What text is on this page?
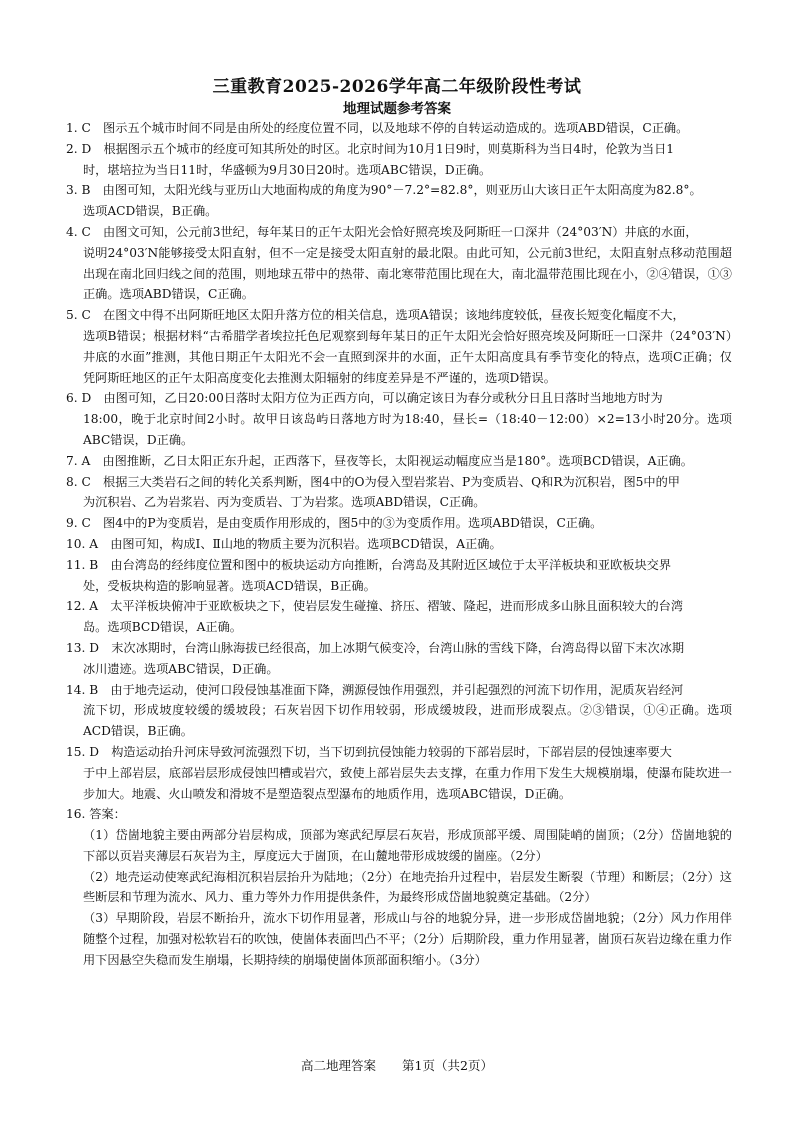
三重教育2025-2026学年高二年级阶段性考试
地理试题参考答案
1. C　图示五个城市时间不同是由所处的经度位置不同，以及地球不停的自转运动造成的。选项ABD错误，C正确。
2. D　根据图示五个城市的经度可知其所处的时区。北京时间为10月1日9时，则莫斯科为当日4时，伦敦为当日1
时，堪培拉为当日11时，华盛顿为9月30日20时。选项ABC错误，D正确。
3. B　由图可知，太阳光线与亚历山大地面构成的角度为90°－7.2°=82.8°，则亚历山大该日正午太阳高度为82.8°。
选项ACD错误，B正确。
4. C　由图文可知，公元前3世纪，每年某日的正午太阳光会恰好照亮埃及阿斯旺一口深井（24°03′N）井底的水面，
说明24°03′N能够接受太阳直射，但不一定是接受太阳直射的最北限。由此可知，公元前3世纪，太阳直射点移动范围超出现在南北回归线之间的范围，则地球五带中的热带、南北寒带范围比现在大，南北温带范围比现在小，②④错误，①③正确。选项ABD错误，C正确。
5. C　在图文中得不出阿斯旺地区太阳升落方位的相关信息，选项A错误；该地纬度较低，昼夜长短变化幅度不大，
选项B错误；根据材料“古希腊学者埃拉托色尼观察到每年某日的正午太阳光会恰好照亮埃及阿斯旺一口深井（24°03′N）井底的水面”推测，其他日期正午太阳光不会一直照到深井的水面，正午太阳高度具有季节变化的特点，选项C正确；仅凭阿斯旺地区的正午太阳高度变化去推测太阳辐射的纬度差异是不严谨的，选项D错误。
6. D　由图可知，乙日20:00日落时太阳方位为正西方向，可以确定该日为春分或秋分日且日落时当地地方时为
18:00，晚于北京时间2小时。故甲日该岛屿日落地方时为18:40，昼长=（18:40－12:00）×2=13小时20分。选项ABC错误，D正确。
7. A　由图推断，乙日太阳正东升起，正西落下，昼夜等长，太阳视运动幅度应当是180°。选项BCD错误，A正确。
8. C　根据三大类岩石之间的转化关系判断，图4中的O为侵入型岩浆岩、P为变质岩、Q和R为沉积岩，图5中的甲
为沉积岩、乙为岩浆岩、丙为变质岩、丁为岩浆。选项ABD错误，C正确。
9. C　图4中的P为变质岩，是由变质作用形成的，图5中的③为变质作用。选项ABD错误，C正确。
10. A　由图可知，构成Ⅰ、Ⅱ山地的物质主要为沉积岩。选项BCD错误，A正确。
11. B　由台湾岛的经纬度位置和图中的板块运动方向推断，台湾岛及其附近区域位于太平洋板块和亚欧板块交界
处，受板块构造的影响显著。选项ACD错误，B正确。
12. A　太平洋板块俯冲于亚欧板块之下，使岩层发生碰撞、挤压、褶皱、隆起，进而形成多山脉且面积较大的台湾
岛。选项BCD错误，A正确。
13. D　末次冰期时，台湾山脉海拔已经很高，加上冰期气候变冷，台湾山脉的雪线下降，台湾岛得以留下末次冰期
冰川遗迹。选项ABC错误，D正确。
14. B　由于地壳运动，使河口段侵蚀基准面下降，溯源侵蚀作用强烈，并引起强烈的河流下切作用，泥质灰岩经河
流下切，形成坡度较缓的缓坡段；石灰岩因下切作用较弱，形成缓坡段，进而形成裂点。②③错误，①④正确。选项ACD错误，B正确。
15. D　构造运动抬升河床导致河流强烈下切，当下切到抗侵蚀能力较弱的下部岩层时，下部岩层的侵蚀速率要大
于中上部岩层，底部岩层形成侵蚀凹槽或岩穴，致使上部岩层失去支撑，在重力作用下发生大规模崩塌，使瀑布陡坎进一步加大。地震、火山喷发和滑坡不是塑造裂点型瀑布的地质作用，选项ABC错误，D正确。
16. 答案：
（1）岱崮地貌主要由两部分岩层构成，顶部为寒武纪厚层石灰岩，形成顶部平缓、周围陡峭的崮顶；（2分）岱崮地貌的下部以页岩夹薄层石灰岩为主，厚度远大于崮顶，在山麓地带形成坡缓的崮座。（2分）
（2）地壳运动使寒武纪海相沉积岩层抬升为陆地；（2分）在地壳抬升过程中，岩层发生断裂（节理）和断层；（2分）这些断层和节理为流水、风力、重力等外力作用提供条件，为最终形成岱崮地貌奠定基础。（2分）
（3）早期阶段，岩层不断抬升，流水下切作用显著，形成山与谷的地貌分异，进一步形成岱崮地貌；（2分）风力作用伴随整个过程，加强对松软岩石的吹蚀，使崮体表面凹凸不平；（2分）后期阶段，重力作用显著，崮顶石灰岩边缘在重力作用下因悬空失稳而发生崩塌，长期持续的崩塌使崮体顶部面积缩小。（3分）
高二地理答案 第1页（共2页）
